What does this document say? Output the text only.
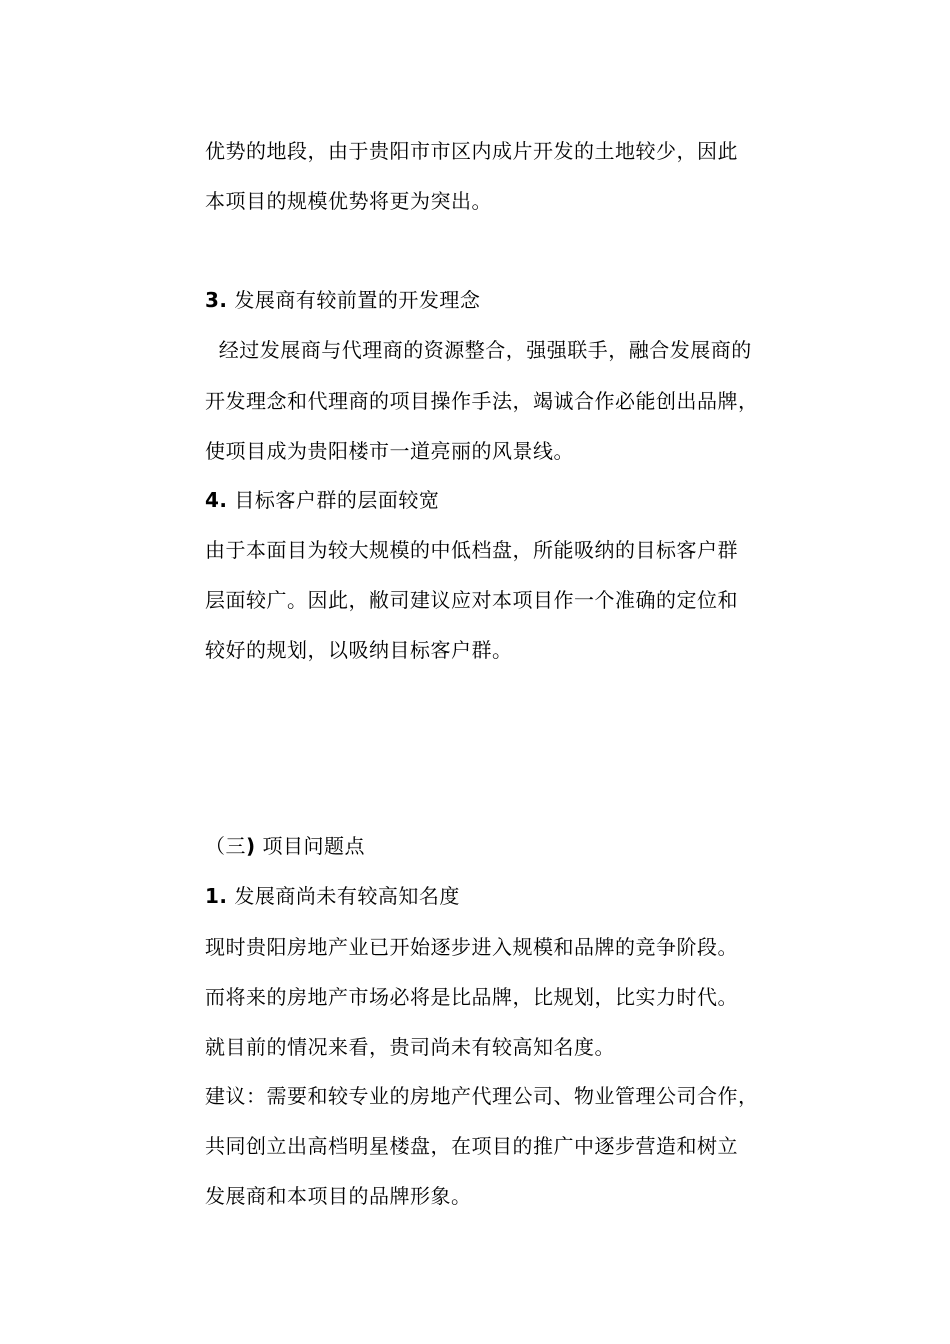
优势的地段，由于贵阳市市区内成片开发的土地较少，因此
本项目的规模优势将更为突出。
3. 发展商有较前置的开发理念
经过发展商与代理商的资源整合，强强联手，融合发展商的
开发理念和代理商的项目操作手法，竭诚合作必能创出品牌，
使项目成为贵阳楼市一道亮丽的风景线。
4. 目标客户群的层面较宽
由于本面目为较大规模的中低档盘，所能吸纳的目标客户群
层面较广。因此，敝司建议应对本项目作一个准确的定位和
较好的规划，以吸纳目标客户群。
（三) 项目问题点
1. 发展商尚未有较高知名度
现时贵阳房地产业已开始逐步进入规模和品牌的竞争阶段。
而将来的房地产市场必将是比品牌，比规划，比实力时代。
就目前的情况来看，贵司尚未有较高知名度。
建议：需要和较专业的房地产代理公司、物业管理公司合作，
共同创立出高档明星楼盘，在项目的推广中逐步营造和树立
发展商和本项目的品牌形象。
